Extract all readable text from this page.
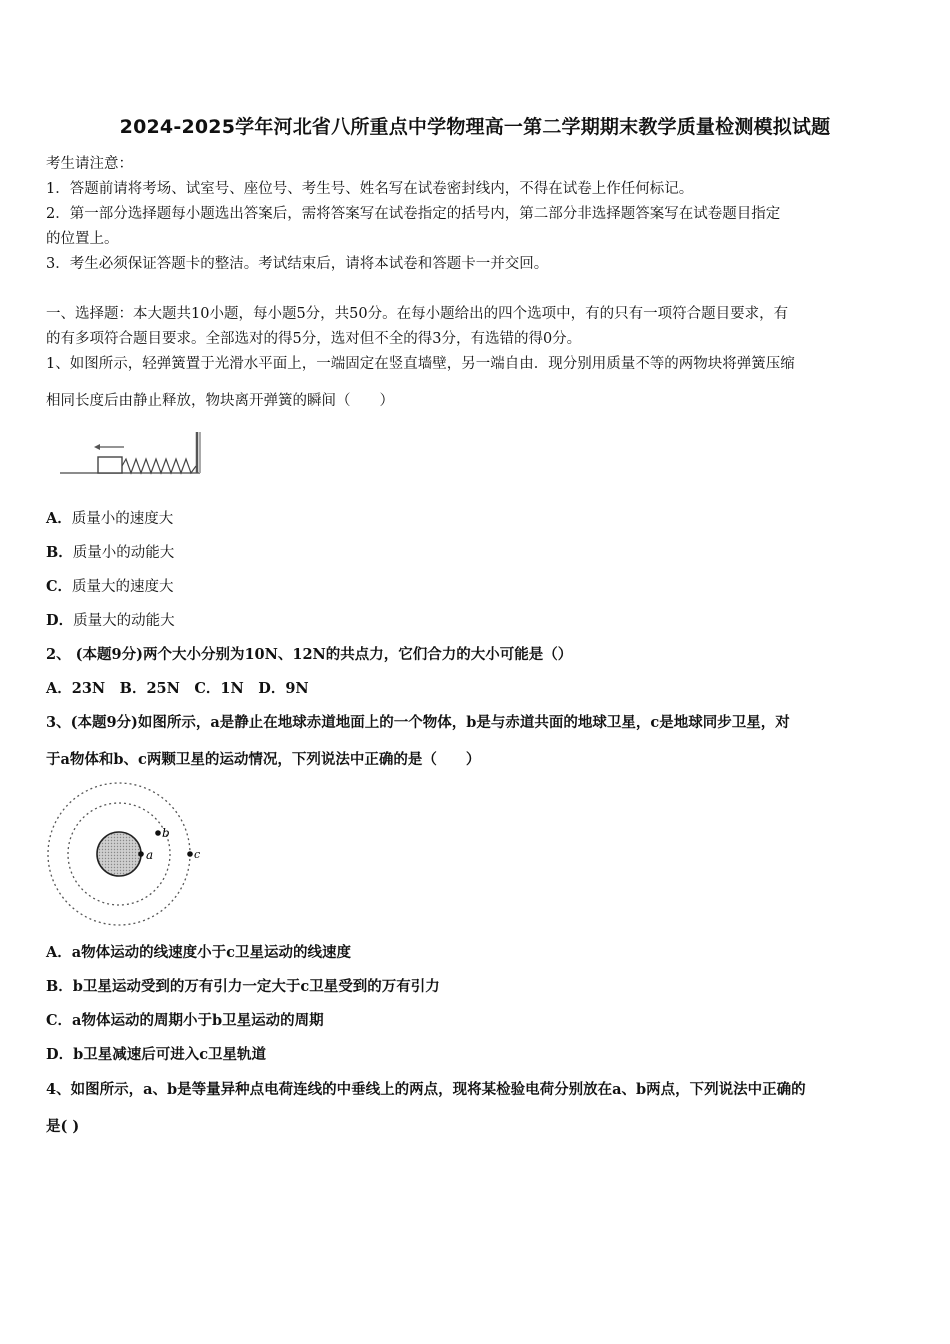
2024-2025学年河北省八所重点中学物理高一第二学期期末教学质量检测模拟试题
考生请注意：
1．答题前请将考场、试室号、座位号、考生号、姓名写在试卷密封线内，不得在试卷上作任何标记。
2．第一部分选择题每小题选出答案后，需将答案写在试卷指定的括号内，第二部分非选择题答案写在试卷题目指定
的位置上。
3．考生必须保证答题卡的整洁。考试结束后，请将本试卷和答题卡一并交回。
一、选择题：本大题共10小题，每小题5分，共50分。在每小题给出的四个选项中，有的只有一项符合题目要求，有
的有多项符合题目要求。全部选对的得5分，选对但不全的得3分，有选错的得0分。
1、如图所示，轻弹簧置于光滑水平面上，一端固定在竖直墙壁，另一端自由．现分别用质量不等的两物块将弹簧压缩
相同长度后由静止释放，物块离开弹簧的瞬间（　　）
A．质量小的速度大
B．质量小的动能大
C．质量大的速度大
D．质量大的动能大
2、 (本题9分)两个大小分别为10N、12N的共点力，它们合力的大小可能是（）
A．23N　B．25N　C．1N　D．9N
3、(本题9分)如图所示，a是静止在地球赤道地面上的一个物体，b是与赤道共面的地球卫星，c是地球同步卫星，对
于a物体和b、c两颗卫星的运动情况，下列说法中正确的是（　　）
a
b
c
A．a物体运动的线速度小于c卫星运动的线速度
B．b卫星运动受到的万有引力一定大于c卫星受到的万有引力
C．a物体运动的周期小于b卫星运动的周期
D．b卫星减速后可进入c卫星轨道
4、如图所示，a、b是等量异种点电荷连线的中垂线上的两点，现将某检验电荷分别放在a、b两点，下列说法中正确的
是( )
